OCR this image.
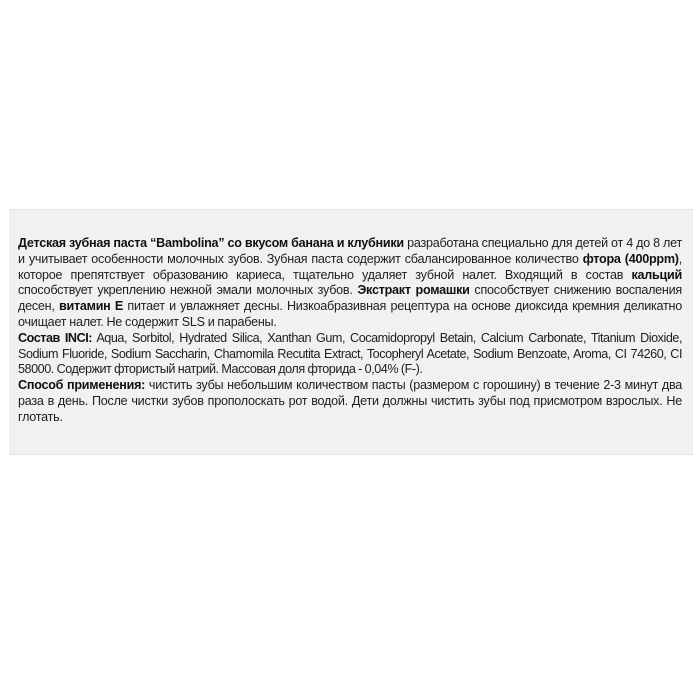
Детская зубная паста “Bambolina” со вкусом банана и клубники разработана специально для детей от 4 до 8 лет и учитывает особенности молочных зубов. Зубная паста содержит сбалансированное количество фтора (400ppm), которое препятствует образованию кариеса, тщательно удаляет зубной налет. Входящий в состав кальций способствует укреплению нежной эмали молочных зубов. Экстракт ромашки способствует снижению воспаления десен, витамин Е питает и увлажняет десны. Низкоабразивная рецептура на основе диоксида кремния деликатно очищает налет. Не содержит SLS и парабены.

Состав INCI: Aqua, Sorbitol, Hydrated Silica, Xanthan Gum, Cocamidopropyl Betain, Calcium Carbonate, Titanium Dioxide, Sodium Fluoride, Sodium Saccharin, Chamomila Recutita Extract, Tocopheryl Acetate, Sodium Benzoate, Aroma, CI 74260, CI 58000. Содержит фтористый натрий. Массовая доля фторида - 0,04% (F-).

Способ применения: чистить зубы небольшим количеством пасты (размером с горошину) в течение 2-3 минут два раза в день. После чистки зубов прополоскать рот водой. Дети должны чистить зубы под присмотром взрослых. Не глотать.
